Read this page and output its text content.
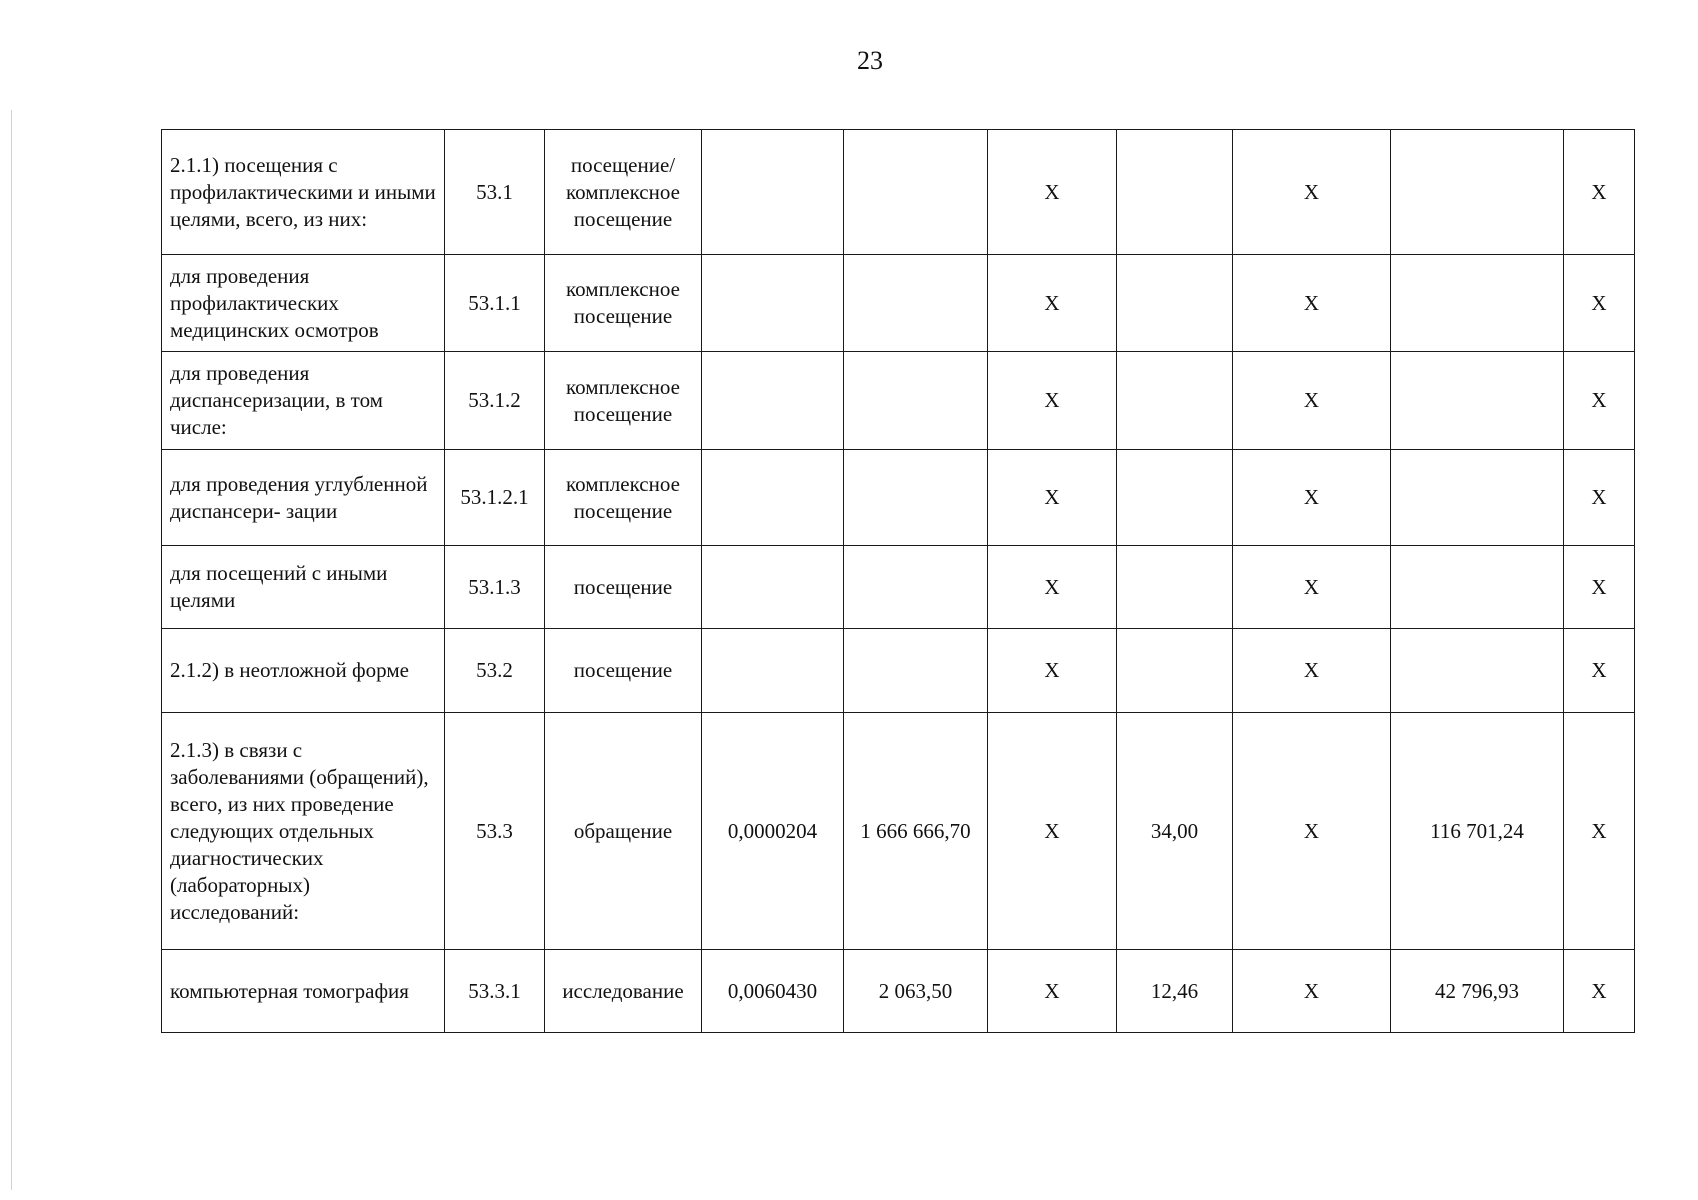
23
2.1.1) посещения с профилактическими и иными целями, всего, из них:	53.1	посещение/ комплексное посещение			X		X		X
для проведения профилактических медицинских осмотров	53.1.1	комплексное посещение			X		X		X
для проведения диспансеризации, в том числе:	53.1.2	комплексное посещение			X		X		X
для проведения углубленной диспансери- зации	53.1.2.1	комплексное посещение			X		X		X
для посещений с иными целями	53.1.3	посещение			X		X		X
2.1.2) в неотложной форме	53.2	посещение			X		X		X
2.1.3) в связи с заболеваниями (обращений), всего, из них проведение следующих отдельных диагностических (лабораторных) исследований:	53.3	обращение	0,0000204	1 666 666,70	X	34,00	X	116 701,24	X
компьютерная томография	53.3.1	исследование	0,0060430	2 063,50	X	12,46	X	42 796,93	X
